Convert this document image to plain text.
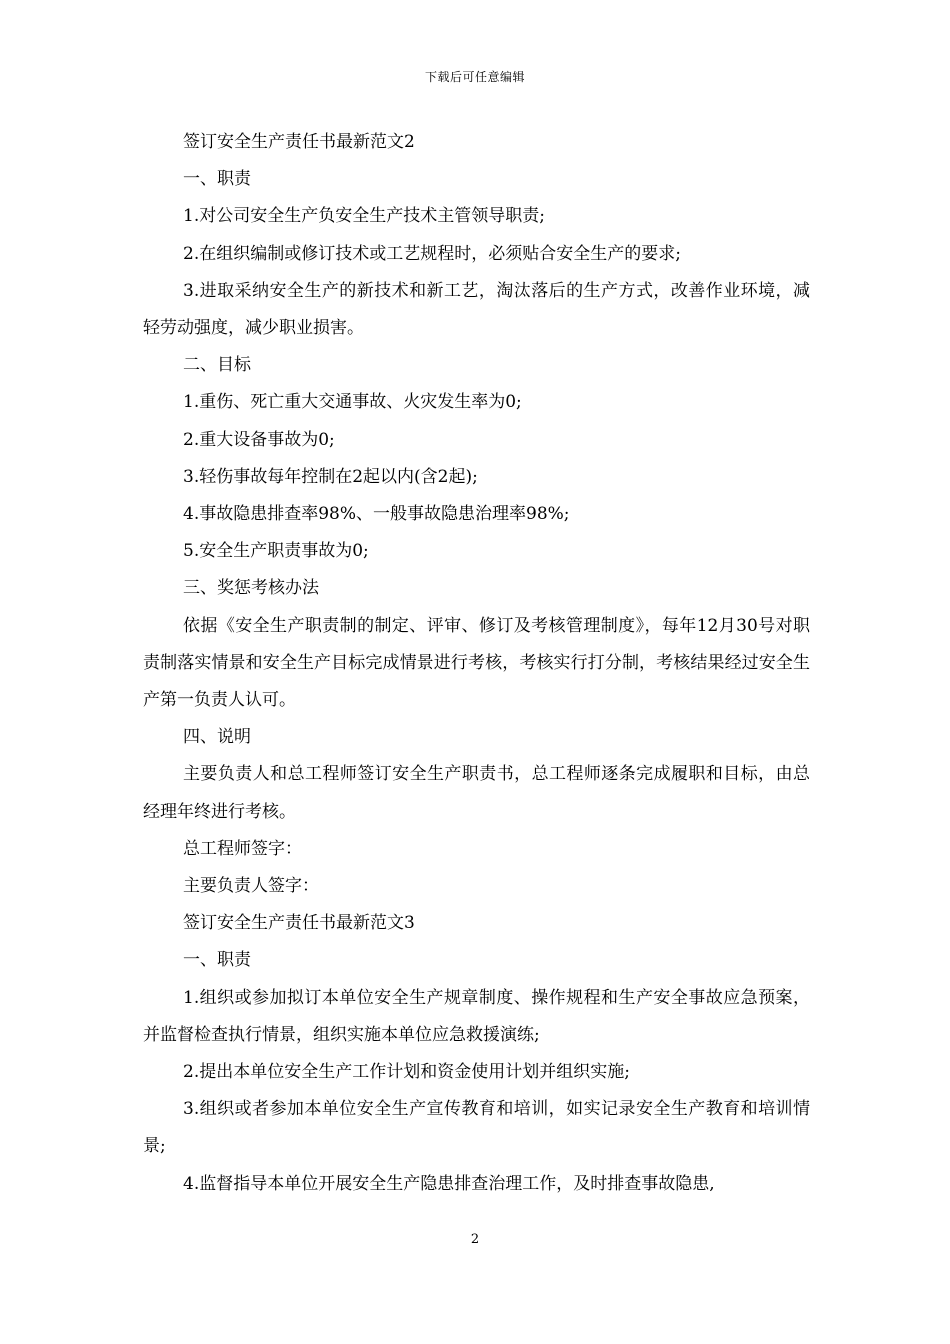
下载后可任意编辑

签订安全生产责任书最新范文2

一、职责

1.对公司安全生产负安全生产技术主管领导职责;

2.在组织编制或修订技术或工艺规程时，必须贴合安全生产的要求;

3.进取采纳安全生产的新技术和新工艺，淘汰落后的生产方式，改善作业环境，减轻劳动强度，减少职业损害。

二、目标

1.重伤、死亡重大交通事故、火灾发生率为0;

2.重大设备事故为0;

3.轻伤事故每年控制在2起以内(含2起);

4.事故隐患排查率98%、一般事故隐患治理率98%;

5.安全生产职责事故为0;

三、奖惩考核办法

依据《安全生产职责制的制定、评审、修订及考核管理制度》，每年12月30号对职责制落实情景和安全生产目标完成情景进行考核，考核实行打分制，考核结果经过安全生产第一负责人认可。

四、说明

主要负责人和总工程师签订安全生产职责书，总工程师逐条完成履职和目标，由总经理年终进行考核。

总工程师签字：

主要负责人签字：

签订安全生产责任书最新范文3

一、职责

1.组织或参加拟订本单位安全生产规章制度、操作规程和生产安全事故应急预案，并监督检查执行情景，组织实施本单位应急救援演练;

2.提出本单位安全生产工作计划和资金使用计划并组织实施;

3.组织或者参加本单位安全生产宣传教育和培训，如实记录安全生产教育和培训情景;

4.监督指导本单位开展安全生产隐患排查治理工作，及时排查事故隐患,

2
